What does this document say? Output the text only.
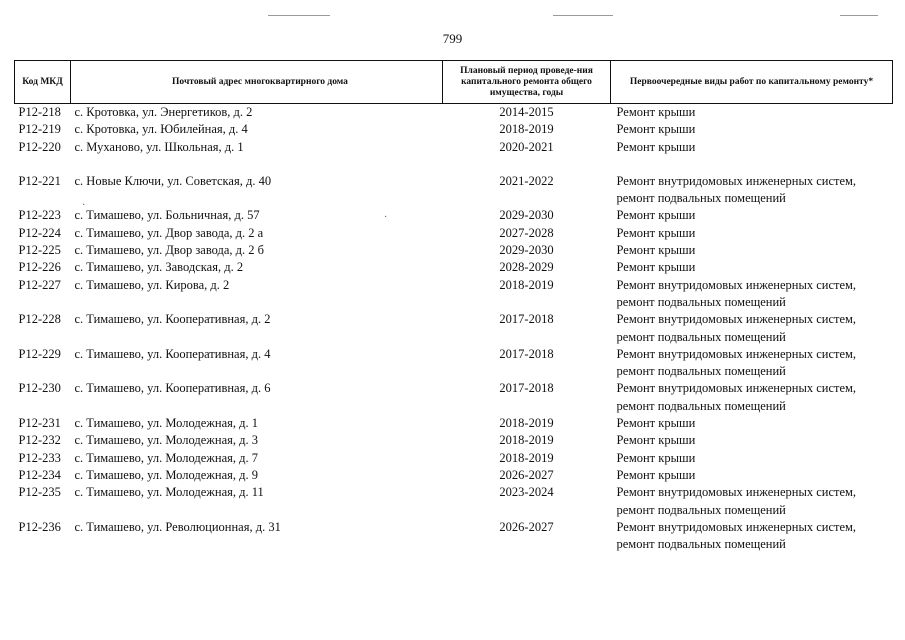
799
Код МКД	Почтовый адрес многоквартирного дома	Плановый период проведе-ния капитального ремонта общего имущества, годы	Первоочередные виды работ по капитальному ремонту*
P12-218	с. Кротовка, ул. Энергетиков, д. 2	2014-2015	Ремонт крыши
P12-219	с. Кротовка, ул. Юбилейная, д. 4	2018-2019	Ремонт крыши
P12-220	с. Муханово, ул. Школьная, д. 1	2020-2021	Ремонт крыши
P12-221	с. Новые Ключи, ул. Советская, д. 40	2021-2022	Ремонт внутридомовых инженерных систем, ремонт подвальных помещений
P12-223	с. Тимашево, ул. Больничная, д. 57	2029-2030	Ремонт крыши
P12-224	с. Тимашево, ул. Двор завода, д. 2 а	2027-2028	Ремонт крыши
P12-225	с. Тимашево, ул. Двор завода, д. 2 б	2029-2030	Ремонт крыши
P12-226	с. Тимашево, ул. Заводская, д. 2	2028-2029	Ремонт крыши
P12-227	с. Тимашево, ул. Кирова, д. 2	2018-2019	Ремонт внутридомовых инженерных систем, ремонт подвальных помещений
P12-228	с. Тимашево, ул. Кооперативная, д. 2	2017-2018	Ремонт внутридомовых инженерных систем, ремонт подвальных помещений
P12-229	с. Тимашево, ул. Кооперативная, д. 4	2017-2018	Ремонт внутридомовых инженерных систем, ремонт подвальных помещений
P12-230	с. Тимашево, ул. Кооперативная, д. 6	2017-2018	Ремонт внутридомовых инженерных систем, ремонт подвальных помещений
P12-231	с. Тимашево, ул. Молодежная, д. 1	2018-2019	Ремонт крыши
P12-232	с. Тимашево, ул. Молодежная, д. 3	2018-2019	Ремонт крыши
P12-233	с. Тимашево, ул. Молодежная, д. 7	2018-2019	Ремонт крыши
P12-234	с. Тимашево, ул. Молодежная, д. 9	2026-2027	Ремонт крыши
P12-235	с. Тимашево, ул. Молодежная, д. 11	2023-2024	Ремонт внутридомовых инженерных систем, ремонт подвальных помещений
P12-236	с. Тимашево, ул. Революционная, д. 31	2026-2027	Ремонт внутридомовых инженерных систем, ремонт подвальных помещений
·
·
